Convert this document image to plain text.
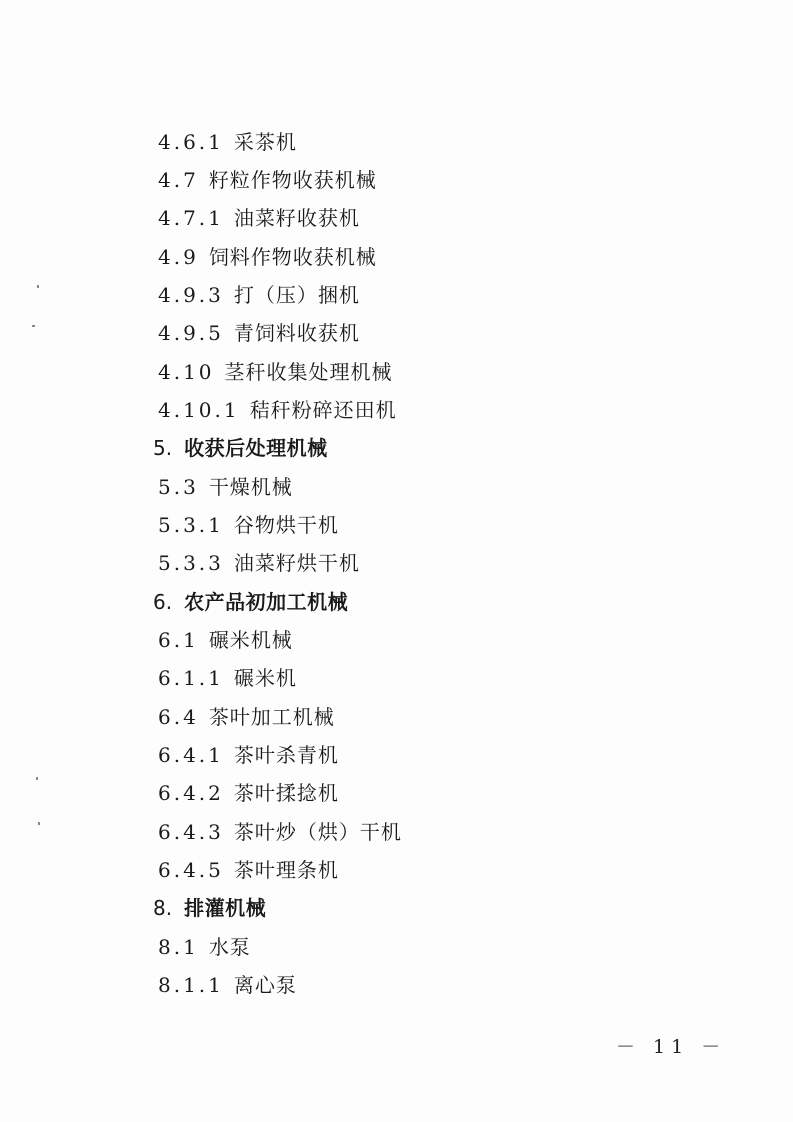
4.6.1 采茶机
4.7 籽粒作物收获机械
4.7.1 油菜籽收获机
4.9 饲料作物收获机械
4.9.3 打（压）捆机
4.9.5 青饲料收获机
4.10 茎秆收集处理机械
4.10.1 秸秆粉碎还田机
5. 收获后处理机械
5.3 干燥机械
5.3.1 谷物烘干机
5.3.3 油菜籽烘干机
6. 农产品初加工机械
6.1 碾米机械
6.1.1 碾米机
6.4 茶叶加工机械
6.4.1 茶叶杀青机
6.4.2 茶叶揉捻机
6.4.3 茶叶炒（烘）干机
6.4.5 茶叶理条机
8. 排灌机械
8.1 水泵
8.1.1 离心泵
－ 11 －
